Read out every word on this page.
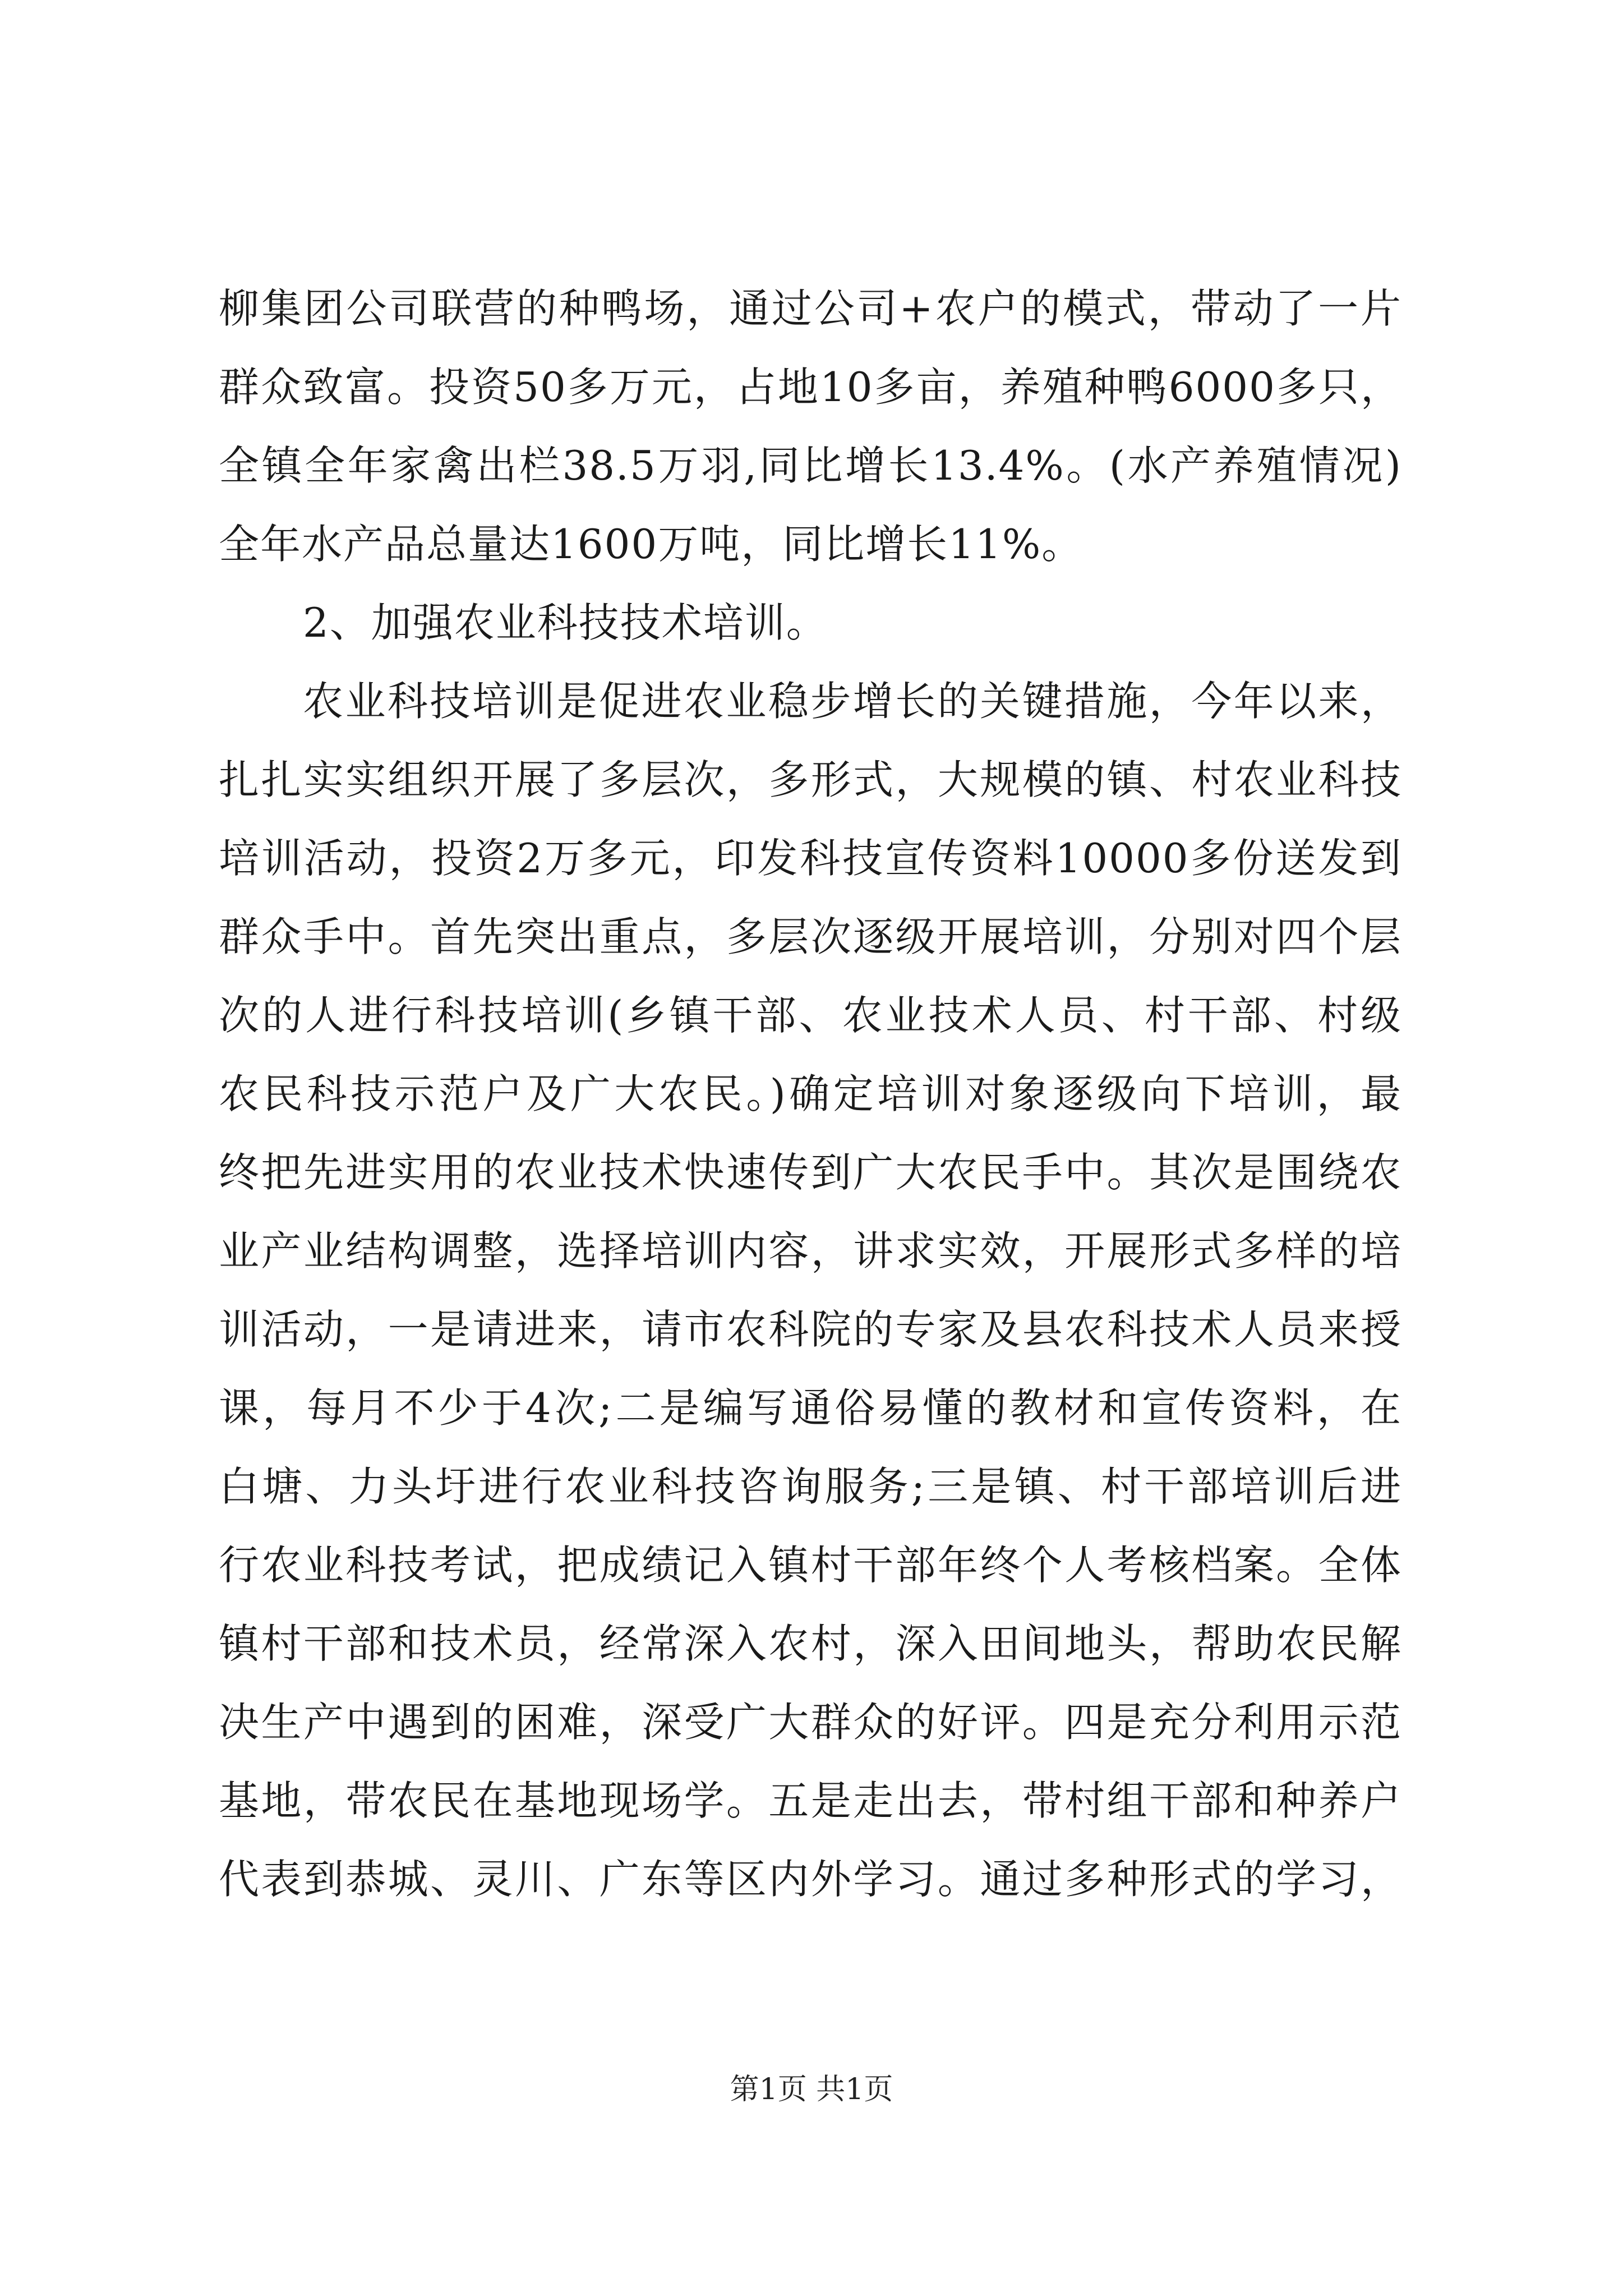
柳集团公司联营的种鸭场，通过公司+农户的模式，带动了一片
群众致富。投资50多万元，占地10多亩，养殖种鸭6000多只，
全镇全年家禽出栏38.5万羽,同比增长13.4%。(水产养殖情况)
全年水产品总量达1600万吨，同比增长11%。
2、加强农业科技技术培训。
农业科技培训是促进农业稳步增长的关键措施，今年以来，
扎扎实实组织开展了多层次，多形式，大规模的镇、村农业科技
培训活动，投资2万多元，印发科技宣传资料10000多份送发到
群众手中。首先突出重点，多层次逐级开展培训，分别对四个层
次的人进行科技培训(乡镇干部、农业技术人员、村干部、村级
农民科技示范户及广大农民。)确定培训对象逐级向下培训，最
终把先进实用的农业技术快速传到广大农民手中。其次是围绕农
业产业结构调整，选择培训内容，讲求实效，开展形式多样的培
训活动，一是请进来，请市农科院的专家及县农科技术人员来授
课，每月不少于4次;二是编写通俗易懂的教材和宣传资料，在
白塘、力头圩进行农业科技咨询服务;三是镇、村干部培训后进
行农业科技考试，把成绩记入镇村干部年终个人考核档案。全体
镇村干部和技术员，经常深入农村，深入田间地头，帮助农民解
决生产中遇到的困难，深受广大群众的好评。四是充分利用示范
基地，带农民在基地现场学。五是走出去，带村组干部和种养户
代表到恭城、灵川、广东等区内外学习。通过多种形式的学习，
第1页 共1页
